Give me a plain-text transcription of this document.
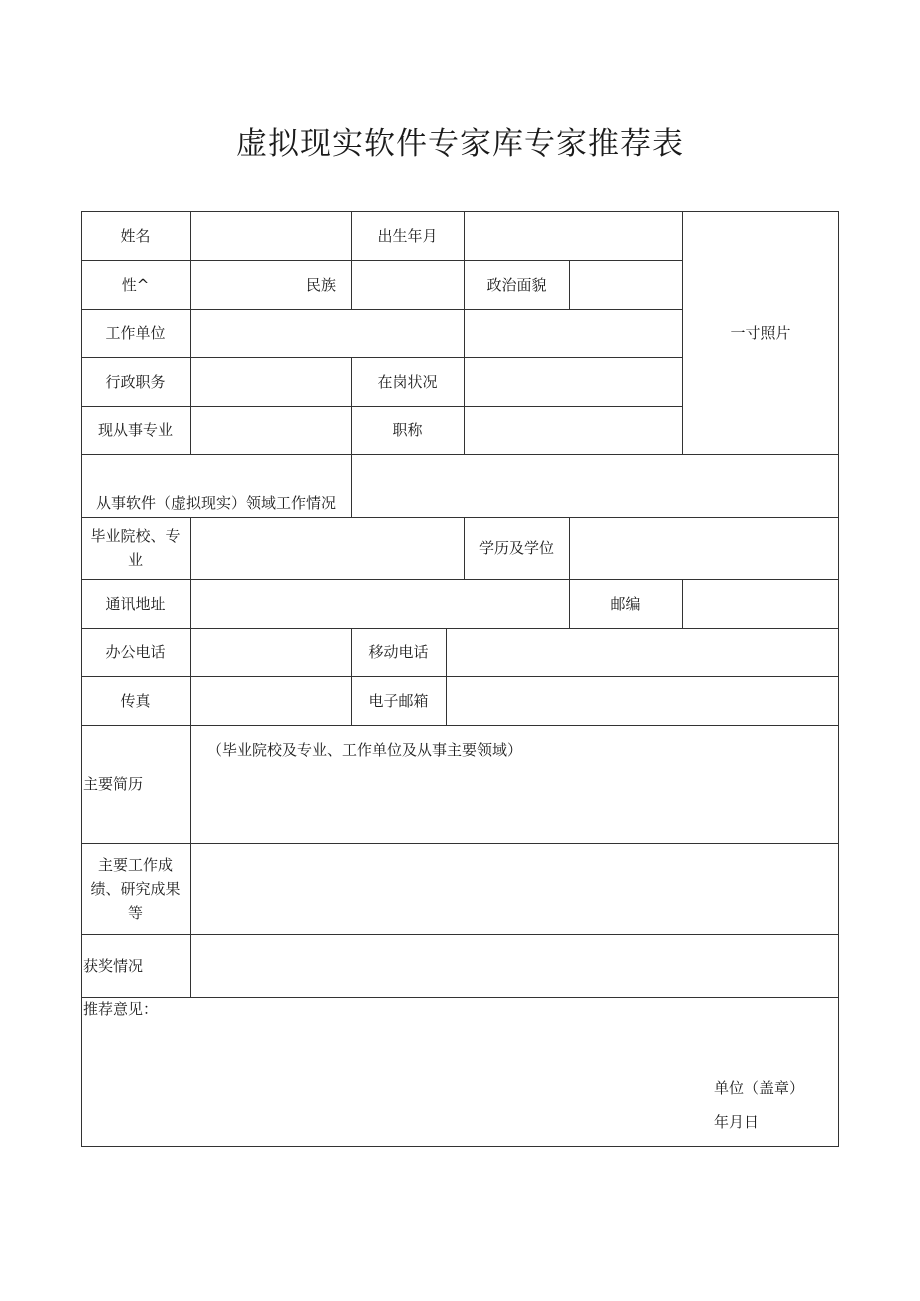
虚拟现实软件专家库专家推荐表
姓名	出生年月
一寸照片
性^	民族	政治面貌
工作单位
行政职务	在岗状况
现从事专业	职称
从事软件（虚拟现实）领域工作情况
毕业院校、专
业
学历及学位
通讯地址	邮编
办公电话	移动电话
传真	电子邮箱
主要简历
（毕业院校及专业、工作单位及从事主要领域）
主要工作成
绩、研究成果
等
获奖情况
推荐意见：
单位（盖章）
年月日
